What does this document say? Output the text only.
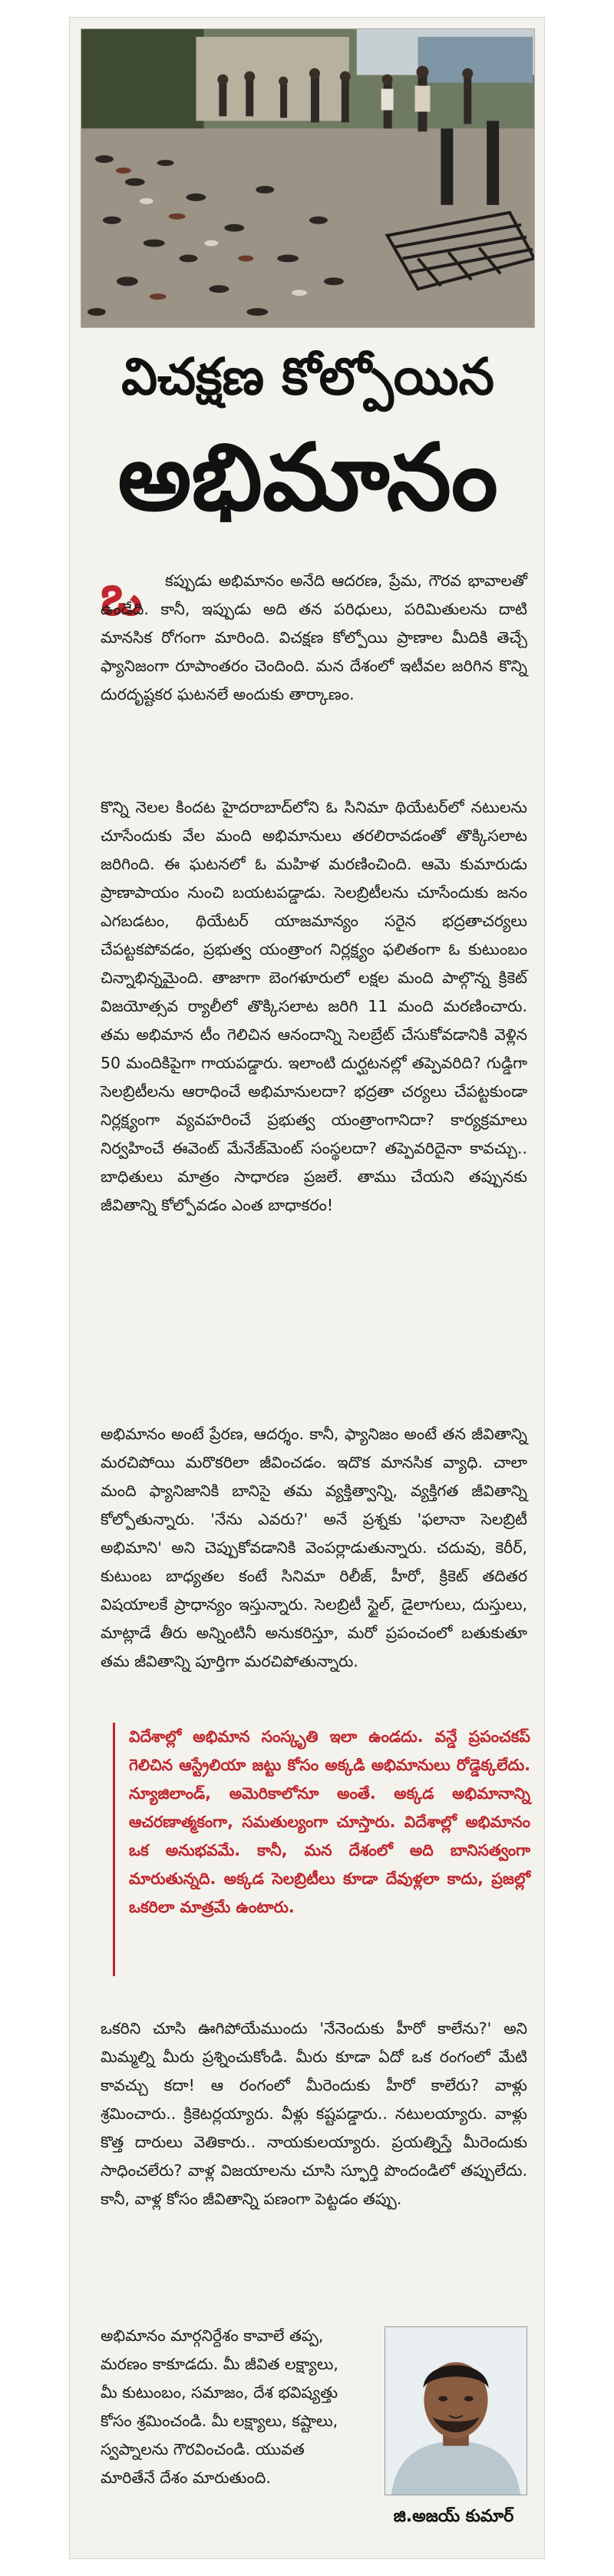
విచక్షణ కోల్పోయిన

అభిమానం

ఒ	కప్పుడు అభిమానం అనేది ఆదరణ, ప్రేమ, గౌరవ భావాలతో ఉండేది. కానీ, ఇప్పుడు అది తన పరిధులు, పరిమితులను దాటి మానసిక రోగంగా మారింది. విచక్షణ కోల్పోయి ప్రాణాల మీదికి తెచ్చే ఫ్యానిజంగా రూపాంతరం చెందింది. మన దేశంలో ఇటీవల జరిగిన కొన్ని దురదృష్టకర ఘటనలే అందుకు తార్కాణం.

కొన్ని నెలల కిందట హైదరాబాద్‌లోని ఓ సినిమా థియేటర్‌లో నటులను చూసేందుకు వేల మంది అభిమానులు తరలిరావడంతో తొక్కిసలాట జరిగింది. ఈ ఘటనలో ఓ మహిళ మరణించింది. ఆమె కుమారుడు ప్రాణాపాయం నుంచి బయటపడ్డాడు. సెలబ్రిటీలను చూసేందుకు జనం ఎగబడటం, థియేటర్ యాజమాన్యం సరైన భద్రతాచర్యలు చేపట్టకపోవడం, ప్రభుత్వ యంత్రాంగ నిర్లక్ష్యం ఫలితంగా ఓ కుటుంబం చిన్నాభిన్నమైంది. తాజాగా బెంగళూరులో లక్షల మంది పాల్గొన్న క్రికెట్ విజయోత్సవ ర్యాలీలో తొక్కిసలాట జరిగి 11 మంది మరణించారు. తమ అభిమాన టీం గెలిచిన ఆనందాన్ని సెలబ్రేట్ చేసుకోవడానికి వెళ్లిన 50 మందికిపైగా గాయపడ్డారు. ఇలాంటి దుర్ఘటనల్లో తప్పెవరిది? గుడ్డిగా సెలబ్రిటీలను ఆరాధించే అభిమానులదా? భద్రతా చర్యలు చేపట్టకుండా నిర్లక్ష్యంగా వ్యవహరించే ప్రభుత్వ యంత్రాంగానిదా? కార్యక్రమాలు నిర్వహించే ఈవెంట్ మేనేజ్‌మెంట్ సంస్థలదా? తప్పెవరిదైనా కావచ్చు.. బాధితులు మాత్రం సాధారణ ప్రజలే. తాము చేయని తప్పునకు జీవితాన్ని కోల్పోవడం ఎంత బాధాకరం!

అభిమానం అంటే ప్రేరణ, ఆదర్శం. కానీ, ఫ్యానిజం అంటే తన జీవితాన్ని మరచిపోయి మరొకరిలా జీవించడం. ఇదొక మానసిక వ్యాధి. చాలా మంది ఫ్యానిజానికి బానిసై తమ వ్యక్తిత్వాన్ని, వ్యక్తిగత జీవితాన్ని కోల్పోతున్నారు. 'నేను ఎవరు?' అనే ప్రశ్నకు 'ఫలానా సెలబ్రిటీ అభిమాని' అని చెప్పుకోవడానికి వెంపర్లాడుతున్నారు. చదువు, కెరీర్, కుటుంబ బాధ్యతల కంటే సినిమా రిలీజ్, హీరో, క్రికెట్ తదితర విషయాలకే ప్రాధాన్యం ఇస్తున్నారు. సెలబ్రిటీ స్టైల్, డైలాగులు, దుస్తులు, మాట్లాడే తీరు అన్నింటినీ అనుకరిస్తూ, మరో ప్రపంచంలో బతుకుతూ తమ జీవితాన్ని పూర్తిగా మరచిపోతున్నారు.

విదేశాల్లో అభిమాన సంస్కృతి ఇలా ఉండదు. వన్డే ప్రపంచకప్ గెలిచిన ఆస్ట్రేలియా జట్టు కోసం అక్కడి అభిమానులు రోడ్డెక్కలేదు. న్యూజిలాండ్, అమెరికాలోనూ అంతే. అక్కడ అభిమానాన్ని ఆచరణాత్మకంగా, సమతుల్యంగా చూస్తారు. విదేశాల్లో అభిమానం ఒక అనుభవమే. కానీ, మన దేశంలో అది బానిసత్వంగా మారుతున్నది. అక్కడ సెలబ్రిటీలు కూడా దేవుళ్లలా కాదు, ప్రజల్లో ఒకరిలా మాత్రమే ఉంటారు.

ఒకరిని చూసి ఊగిపోయేముందు 'నేనెందుకు హీరో కాలేను?' అని మిమ్మల్ని మీరు ప్రశ్నించుకోండి. మీరు కూడా ఏదో ఒక రంగంలో మేటి కావచ్చు కదా! ఆ రంగంలో మీరెందుకు హీరో కాలేరు? వాళ్లు శ్రమించారు.. క్రికెటర్లయ్యారు. వీళ్లు కష్టపడ్డారు.. నటులయ్యారు. వాళ్లు కొత్త దారులు వెతికారు.. నాయకులయ్యారు. ప్రయత్నిస్తే మీరెందుకు సాధించలేరు? వాళ్ల విజయాలను చూసి స్ఫూర్తి పొందండిలో తప్పులేదు. కానీ, వాళ్ల కోసం జీవితాన్ని పణంగా పెట్టడం తప్పు.

అభిమానం మార్గనిర్దేశం కావాలే తప్ప, మరణం కాకూడదు. మీ జీవిత లక్ష్యాలు, మీ కుటుంబం, సమాజం, దేశ భవిష్యత్తు కోసం శ్రమించండి. మీ లక్ష్యాలు, కష్టాలు, స్వప్నాలను గౌరవించండి. యువత మారితేనే దేశం మారుతుంది.

జి.అజయ్ కుమార్
